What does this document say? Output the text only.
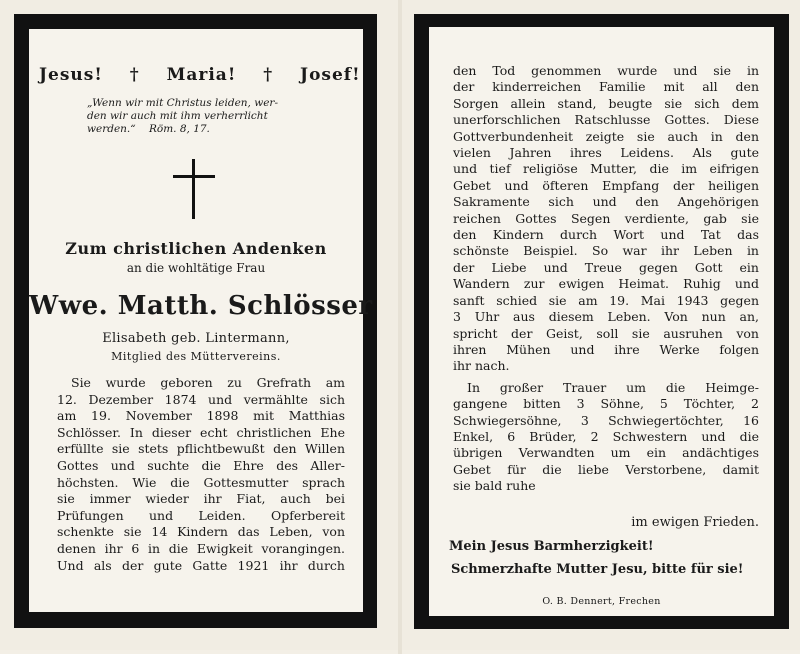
Jesus! † Maria! † Josef!
„Wenn wir mit Christus leiden, wer-
den wir auch mit ihm verherrlicht
werden.“    Röm. 8, 17.
Zum christlichen Andenken
an die wohltätige Frau
Wwe. Matth. Schlösser
Elisabeth geb. Lintermann,
Mitglied des Müttervereins.
Sie wurde geboren zu Grefrath am
12. Dezember 1874 und vermählte sich
am 19. November 1898 mit Matthias
Schlösser. In dieser echt christlichen Ehe
erfüllte sie stets pflichtbewußt den Willen
Gottes und suchte die Ehre des Aller-
höchsten. Wie die Gottesmutter sprach
sie immer wieder ihr Fiat, auch bei
Prüfungen und Leiden. Opferbereit
schenkte sie 14 Kindern das Leben, von
denen ihr 6 in die Ewigkeit vorangingen.
Und als der gute Gatte 1921 ihr durch
den Tod genommen wurde und sie in
der kinderreichen Familie mit all den
Sorgen allein stand, beugte sie sich dem
unerforschlichen Ratschlusse Gottes. Diese
Gottverbundenheit zeigte sie auch in den
vielen Jahren ihres Leidens. Als gute
und tief religiöse Mutter, die im eifrigen
Gebet und öfteren Empfang der heiligen
Sakramente sich und den Angehörigen
reichen Gottes Segen verdiente, gab sie
den Kindern durch Wort und Tat das
schönste Beispiel. So war ihr Leben in
der Liebe und Treue gegen Gott ein
Wandern zur ewigen Heimat. Ruhig und
sanft schied sie am 19. Mai 1943 gegen
3 Uhr aus diesem Leben. Von nun an,
spricht der Geist, soll sie ausruhen von
ihren Mühen und ihre Werke folgen
ihr nach.
In großer Trauer um die Heimge-
gangene bitten 3 Söhne, 5 Töchter, 2
Schwiegersöhne, 3 Schwiegertöchter, 16
Enkel, 6 Brüder, 2 Schwestern und die
übrigen Verwandten um ein andächtiges
Gebet für die liebe Verstorbene, damit
sie bald ruhe
im ewigen Frieden.
Mein Jesus Barmherzigkeit!
Schmerzhafte Mutter Jesu, bitte für sie!
O. B. Dennert, Frechen
